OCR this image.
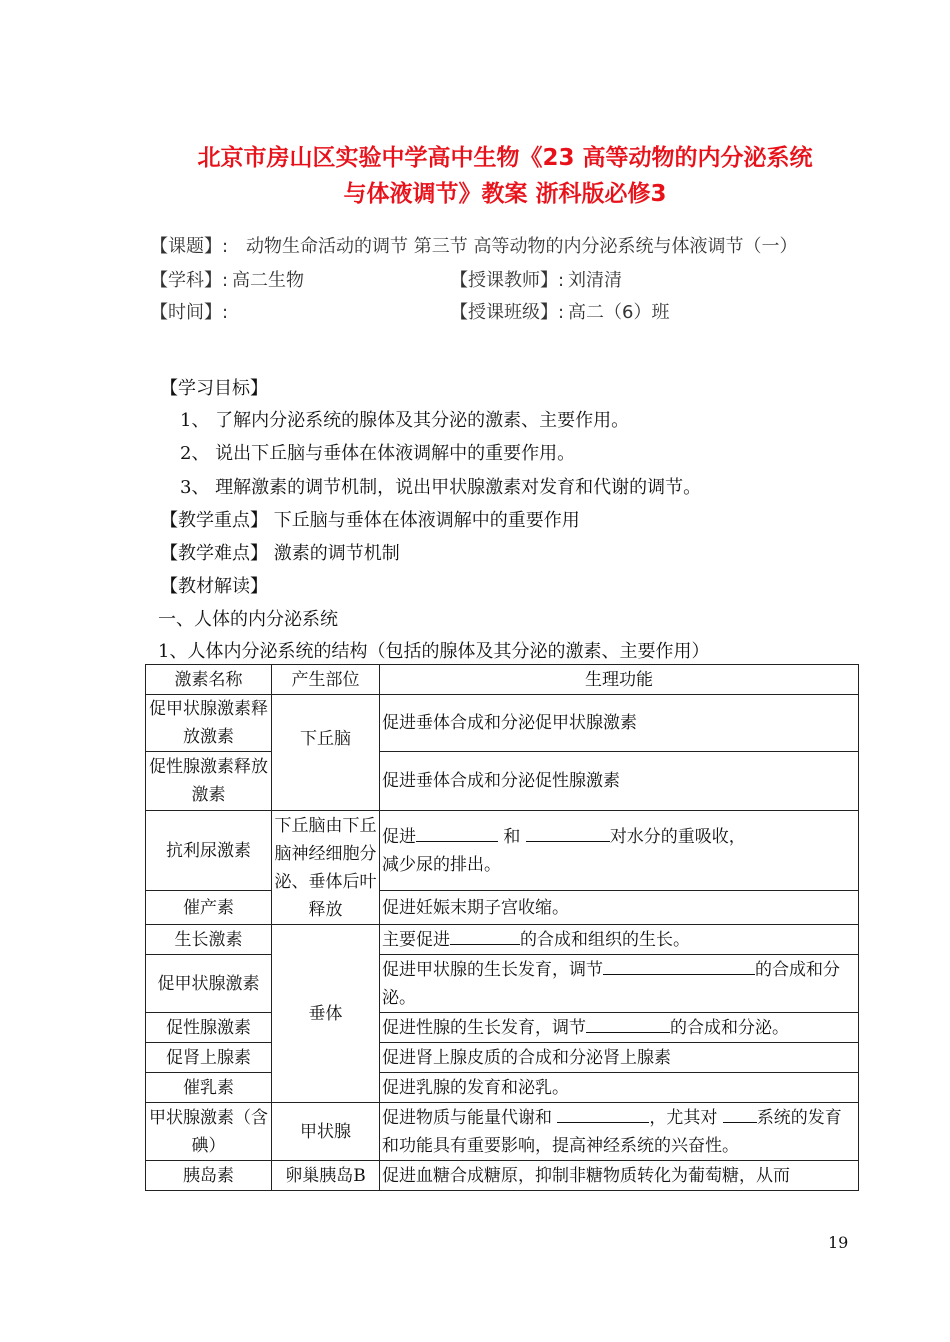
北京市房山区实验中学高中生物《23 高等动物的内分泌系统
与体液调节》教案 浙科版必修3
【课题】: 动物生命活动的调节 第三节 高等动物的内分泌系统与体液调节（一）
【学科】: 高二生物	【授课教师】: 刘清清
【时间】:	【授课班级】: 高二（6）班
【学习目标】
1、 了解内分泌系统的腺体及其分泌的激素、主要作用。
2、 说出下丘脑与垂体在体液调解中的重要作用。
3、 理解激素的调节机制，说出甲状腺激素对发育和代谢的调节。
【教学重点】 下丘脑与垂体在体液调解中的重要作用
【教学难点】 激素的调节机制
【教材解读】
一、人体的内分泌系统
1、人体内分泌系统的结构（包括的腺体及其分泌的激素、主要作用）
激素名称	产生部位	生理功能
促甲状腺激素释放激素	下丘脑	促进垂体合成和分泌促甲状腺激素
促性腺激素释放激素		促进垂体合成和分泌促性腺激素
抗利尿激素	下丘脑由下丘脑神经细胞分泌、垂体后叶释放	促进 和 对水分的重吸收，
减少尿的排出。
催产素		促进妊娠末期子宫收缩。
生长激素	垂体	主要促进 的合成和组织的生长。
促甲状腺激素		促进甲状腺的生长发育，调节 的合成和分泌。
促性腺激素		促进性腺的生长发育，调节 的合成和分泌。
促肾上腺素		促进肾上腺皮质的合成和分泌肾上腺素
催乳素		促进乳腺的发育和泌乳。
甲状腺激素（含碘）	甲状腺	促进物质与能量代谢和 ，尤其对 系统的发育和功能具有重要影响，提高神经系统的兴奋性。
胰岛素	卵巢胰岛B	促进血糖合成糖原，抑制非糖物质转化为葡萄糖，从而
19
